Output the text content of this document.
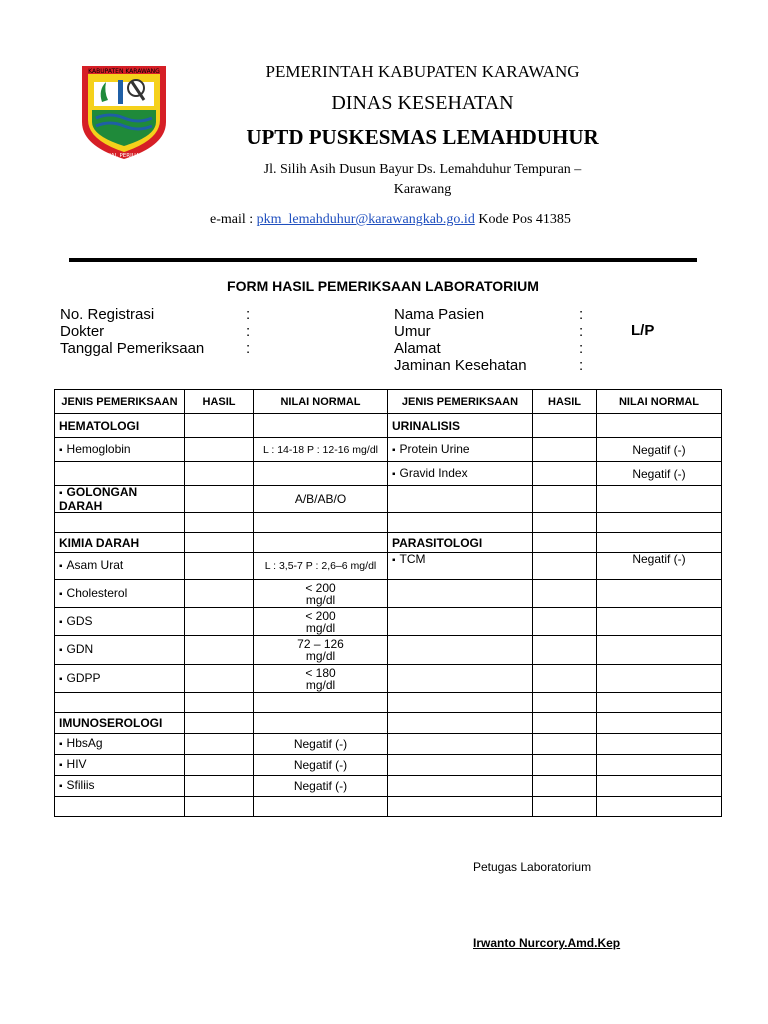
KABUPATEN KARAWANG
PANGKAL PERJUANGAN
PEMERINTAH KABUPATEN KARAWANG
DINAS KESEHATAN
UPTD PUSKESMAS LEMAHDUHUR
Jl. Silih Asih Dusun Bayur Ds. Lemahduhur Tempuran –
Karawang
e-mail : pkm_lemahduhur@karawangkab.go.id Kode Pos 41385
FORM HASIL PEMERIKSAAN LABORATORIUM
No. Registrasi	:
Dokter	:
Tanggal Pemeriksaan	:
Nama Pasien	:
Umur	:
Alamat	:
Jaminan Kesehatan	:
L/P
JENIS PEMERIKSAAN	HASIL	NILAI NORMAL	JENIS PEMERIKSAAN	HASIL	NILAI NORMAL
HEMATOLOGI			URINALISIS		
▪ Hemoglobin		L : 14-18 P : 12-16 mg/dl	▪ Protein Urine		Negatif (-)
			▪ Gravid Index		Negatif (-)
▪ GOLONGAN DARAH		A/B/AB/O			

KIMIA DARAH			PARASITOLOGI		
▪ Asam Urat		L : 3,5-7 P : 2,6–6 mg/dl	▪ TCM		Negatif (-)
▪ Cholesterol		< 200 mg/dl			
▪ GDS		< 200 mg/dl			
▪ GDN		72 – 126 mg/dl			
▪ GDPP		< 180 mg/dl			

IMUNOSEROLOGI					
▪ HbsAg		Negatif (-)			
▪ HIV		Negatif (-)			
▪ Sfiliis		Negatif (-)			

Petugas Laboratorium
Irwanto Nurcory.Amd.Kep
